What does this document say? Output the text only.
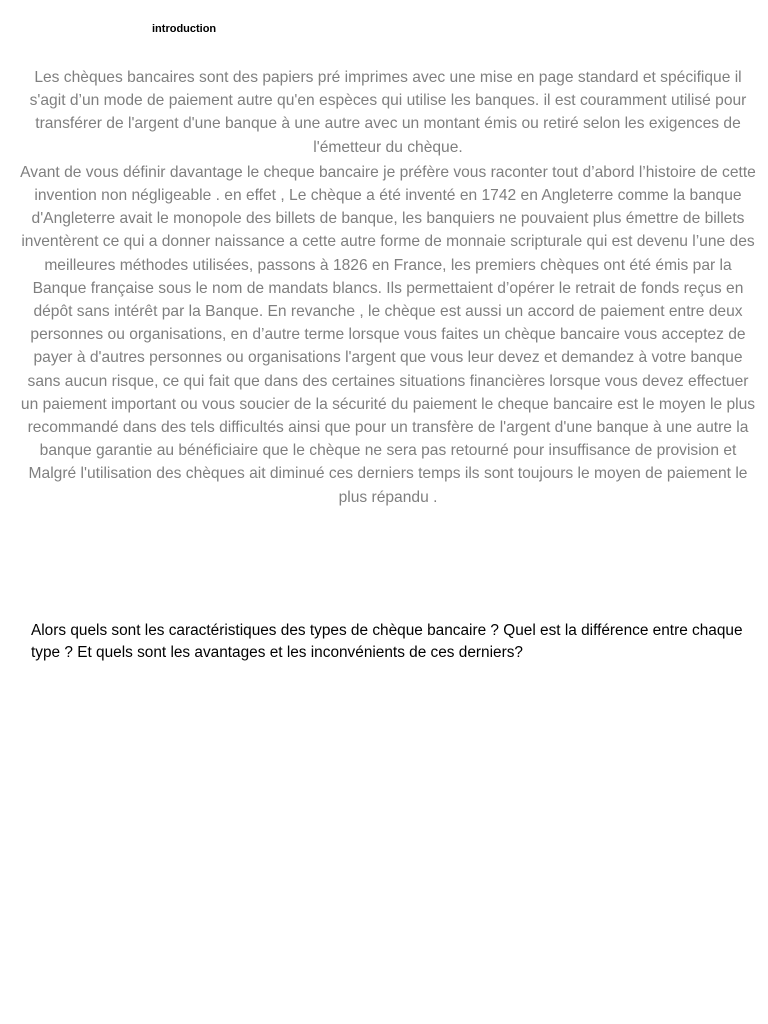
introduction

Les chèques bancaires sont des papiers pré imprimes avec une mise en page standard et spécifique il s'agit d’un mode de paiement autre qu'en espèces qui utilise les banques. il est couramment utilisé pour transférer de l'argent d'une banque à une autre avec un montant émis ou retiré selon les exigences de l'émetteur du chèque.

Avant de vous définir davantage le cheque bancaire je préfère vous raconter tout d’abord l’histoire de cette invention non négligeable . en effet , Le chèque a été inventé en 1742 en Angleterre comme la banque d'Angleterre avait le monopole des billets de banque, les banquiers ne pouvaient plus émettre de billets inventèrent ce qui a donner naissance a cette autre forme de monnaie scripturale qui est devenu l’une des meilleures méthodes utilisées, passons à 1826 en France, les premiers chèques ont été émis par la Banque française sous le nom de mandats blancs. Ils permettaient d’opérer le retrait de fonds reçus en dépôt sans intérêt par la Banque. En revanche , le chèque est aussi un accord de paiement entre deux personnes ou organisations, en d’autre terme lorsque vous faites un chèque bancaire vous acceptez de payer à d'autres personnes ou organisations l'argent que vous leur devez et demandez à votre banque sans aucun risque, ce qui fait que dans des certaines situations financières lorsque vous devez effectuer un paiement important ou vous soucier de la sécurité du paiement le cheque bancaire est le moyen le plus recommandé dans des tels difficultés ainsi que pour un transfère de l'argent d'une banque à une autre la banque garantie au bénéficiaire que le chèque ne sera pas retourné pour insuffisance de provision et Malgré l'utilisation des chèques ait diminué ces derniers temps ils sont toujours le moyen de paiement le plus répandu .

Alors quels sont les caractéristiques des types de chèque bancaire ? Quel est la différence entre chaque type ? Et quels sont les avantages et les inconvénients de ces derniers?
